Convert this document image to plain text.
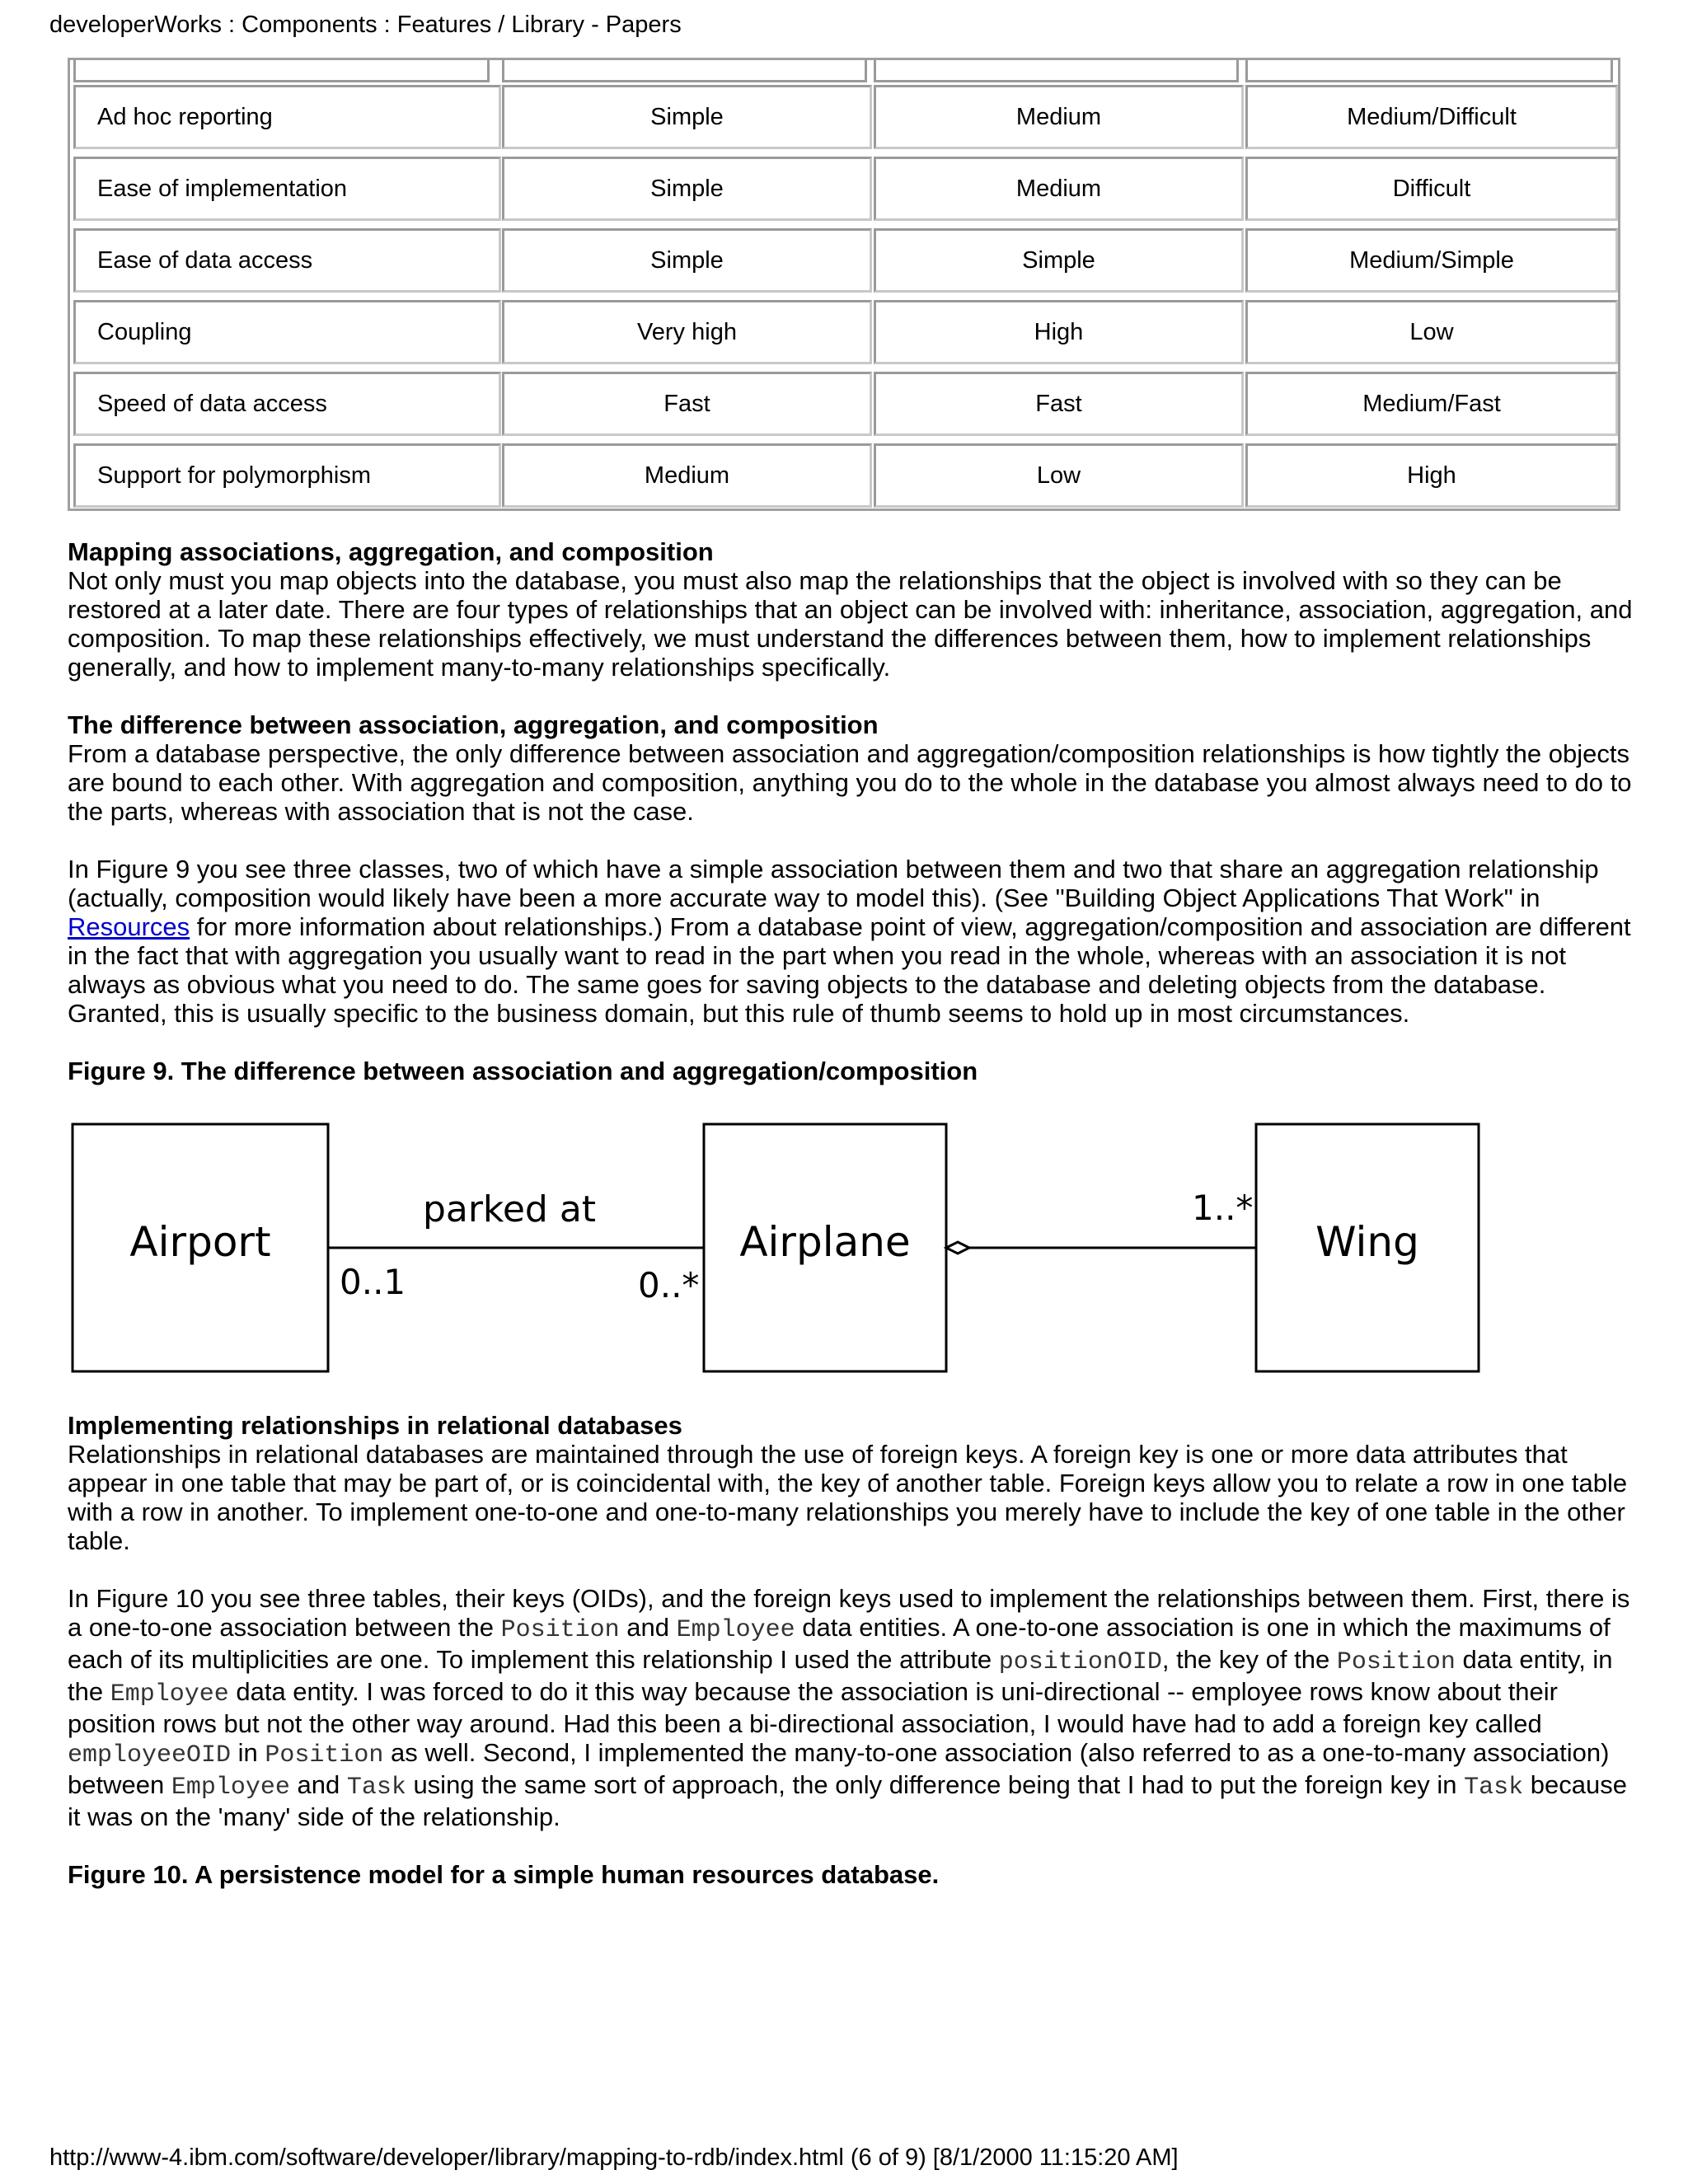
developerWorks : Components : Features / Library - Papers
Ad hoc reporting	Simple	Medium	Medium/Difficult
Ease of implementation	Simple	Medium	Difficult
Ease of data access	Simple	Simple	Medium/Simple
Coupling	Very high	High	Low
Speed of data access	Fast	Fast	Medium/Fast
Support for polymorphism	Medium	Low	High
Mapping associations, aggregation, and composition

Not only must you map objects into the database, you must also map the relationships that the object is involved with so they can be restored at a later date. There are four types of relationships that an object can be involved with: inheritance, association, aggregation, and composition. To map these relationships effectively, we must understand the differences between them, how to implement relationships generally, and how to implement many-to-many relationships specifically.

The difference between association, aggregation, and composition

From a database perspective, the only difference between association and aggregation/composition relationships is how tightly the objects are bound to each other. With aggregation and composition, anything you do to the whole in the database you almost always need to do to the parts, whereas with association that is not the case.

In Figure 9 you see three classes, two of which have a simple association between them and two that share an aggregation relationship (actually, composition would likely have been a more accurate way to model this). (See "Building Object Applications That Work" in Resources for more information about relationships.) From a database point of view, aggregation/composition and association are different in the fact that with aggregation you usually want to read in the part when you read in the whole, whereas with an association it is not always as obvious what you need to do. The same goes for saving objects to the database and deleting objects from the database. Granted, this is usually specific to the business domain, but this rule of thumb seems to hold up in most circumstances.

Figure 9. The difference between association and aggregation/composition

Airport	Airplane	Wing
parked at
0..1	0..*
1..*
Implementing relationships in relational databases

Relationships in relational databases are maintained through the use of foreign keys. A foreign key is one or more data attributes that appear in one table that may be part of, or is coincidental with, the key of another table. Foreign keys allow you to relate a row in one table with a row in another. To implement one-to-one and one-to-many relationships you merely have to include the key of one table in the other table.

In Figure 10 you see three tables, their keys (OIDs), and the foreign keys used to implement the relationships between them. First, there is a one-to-one association between the Position and Employee data entities. A one-to-one association is one in which the maximums of each of its multiplicities are one. To implement this relationship I used the attribute positionOID, the key of the Position data entity, in the Employee data entity. I was forced to do it this way because the association is uni-directional -- employee rows know about their position rows but not the other way around. Had this been a bi-directional association, I would have had to add a foreign key called employeeOID in Position as well. Second, I implemented the many-to-one association (also referred to as a one-to-many association) between Employee and Task using the same sort of approach, the only difference being that I had to put the foreign key in Task because it was on the 'many' side of the relationship.

Figure 10. A persistence model for a simple human resources database.

http://www-4.ibm.com/software/developer/library/mapping-to-rdb/index.html (6 of 9) [8/1/2000 11:15:20 AM]
